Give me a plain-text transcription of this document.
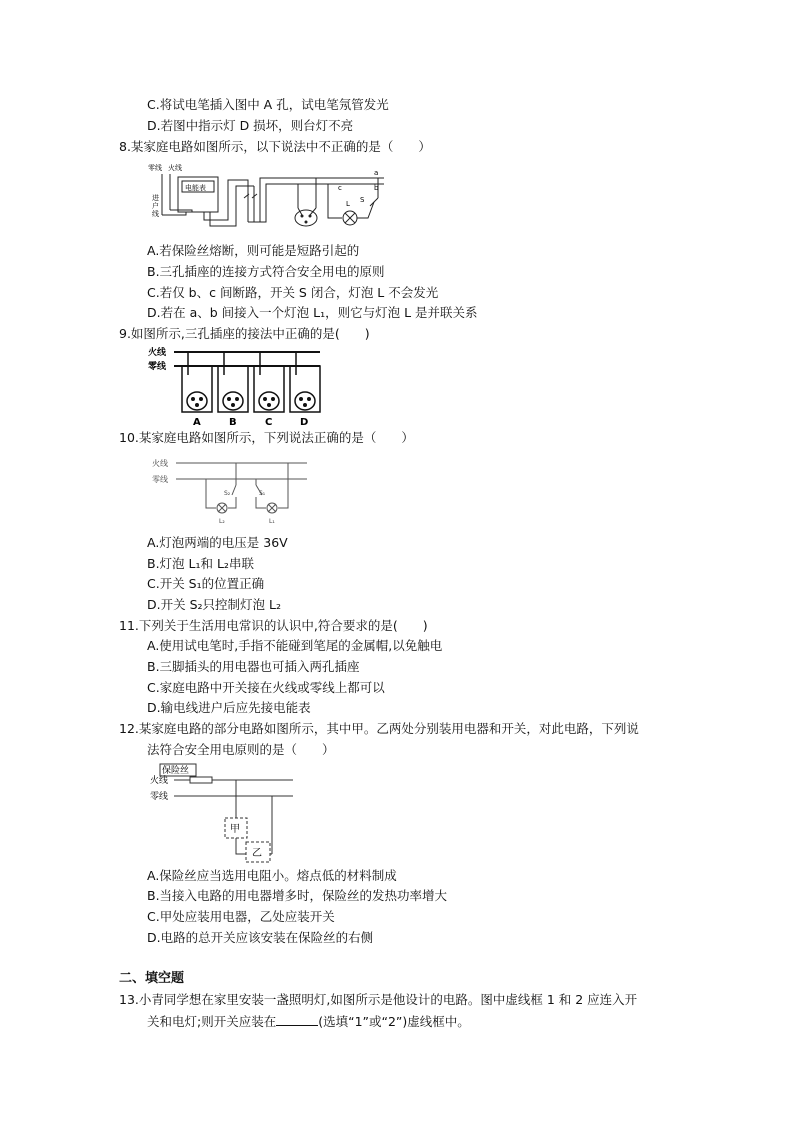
C.将试电笔插入图中 A 孔，试电笔氖管发光
D.若图中指示灯 D 损坏，则台灯不亮
8.某家庭电路如图所示，以下说法中不正确的是（　　）
零线 火线
进
户
线
电能表
a
b
c
L S
A.若保险丝熔断，则可能是短路引起的
B.三孔插座的连接方式符合安全用电的原则
C.若仅 b、c 间断路，开关 S 闭合，灯泡 L 不会发光
D.若在 a、b 间接入一个灯泡 L₁，则它与灯泡 L 是并联关系
9.如图所示,三孔插座的接法中正确的是(　　)
火线
零线
A	B	C	D
10.某家庭电路如图所示，下列说法正确的是（　　）
火线
零线
S₂	S₁
L₂	L₁
A.灯泡两端的电压是 36V
B.灯泡 L₁和 L₂串联
C.开关 S₁的位置正确
D.开关 S₂只控制灯泡 L₂
11.下列关于生活用电常识的认识中,符合要求的是(　　)
A.使用试电笔时,手指不能碰到笔尾的金属帽,以免触电
B.三脚插头的用电器也可插入两孔插座
C.家庭电路中开关接在火线或零线上都可以
D.输电线进户后应先接电能表
12.某家庭电路的部分电路如图所示，其中甲。乙两处分别装用电器和开关，对此电路，下列说
法符合安全用电原则的是（　　）
保险丝
火线
零线
甲
乙
A.保险丝应当选用电阻小。熔点低的材料制成
B.当接入电路的用电器增多时，保险丝的发热功率增大
C.甲处应装用电器，乙处应装开关
D.电路的总开关应该安装在保险丝的右侧
二、填空题
13.小青同学想在家里安装一盏照明灯,如图所示是他设计的电路。图中虚线框 1 和 2 应连入开
关和电灯;则开关应装在	(选填“1”或“2”)虚线框中。
